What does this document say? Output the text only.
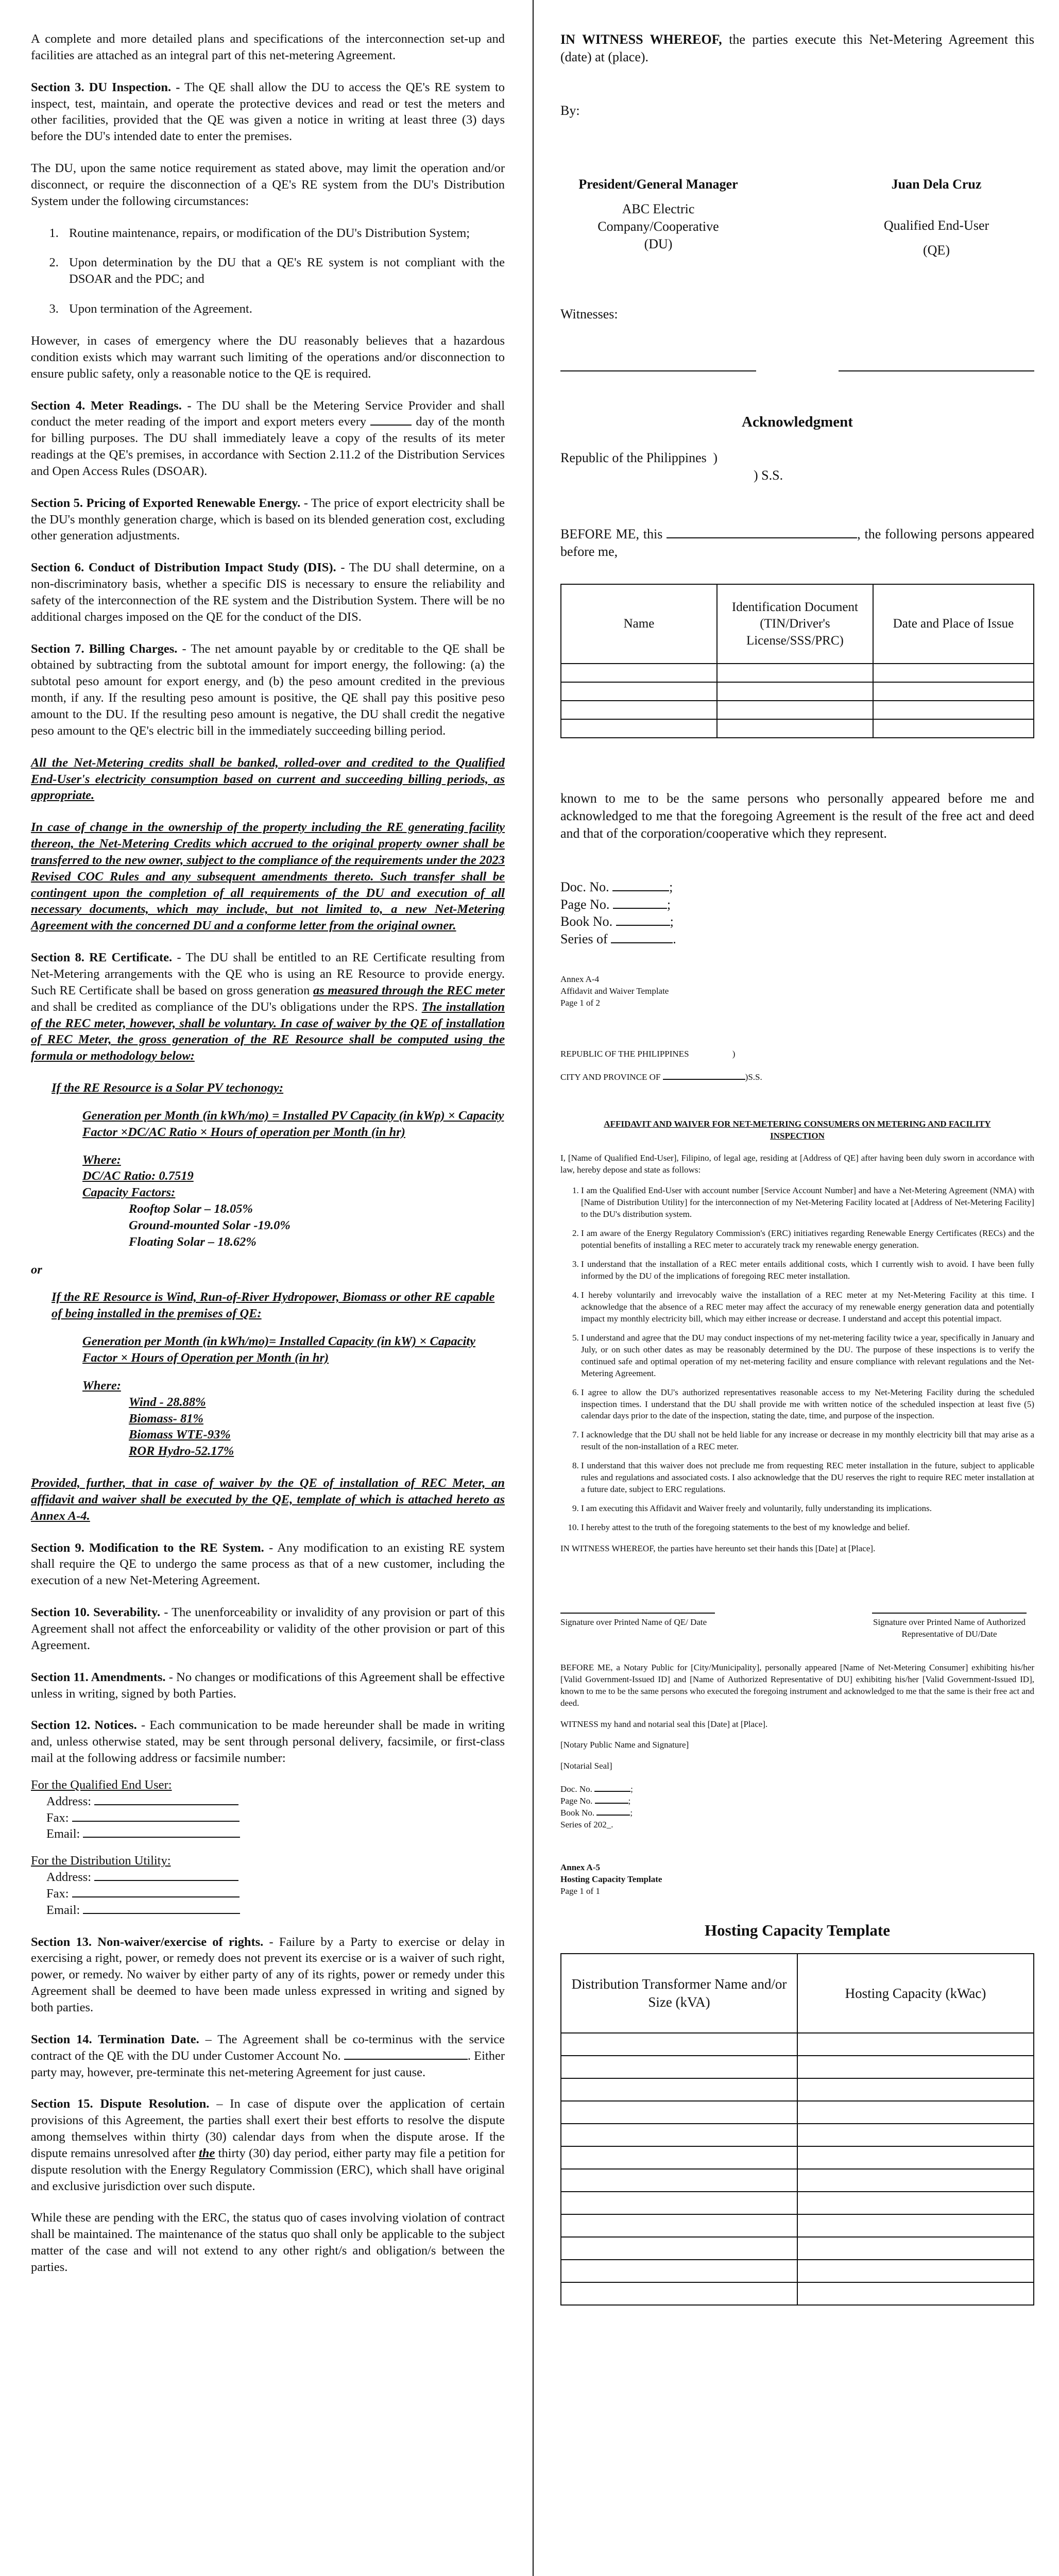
A complete and more detailed plans and specifications of the interconnection set-up and facilities are attached as an integral part of this net-metering Agreement.

Section 3. DU Inspection. - The QE shall allow the DU to access the QE's RE system to inspect, test, maintain, and operate the protective devices and read or test the meters and other facilities, provided that the QE was given a notice in writing at least three (3) days before the DU's intended date to enter the premises.

The DU, upon the same notice requirement as stated above, may limit the operation and/or disconnect, or require the disconnection of a QE's RE system from the DU's Distribution System under the following circumstances:

1. Routine maintenance, repairs, or modification of the DU's Distribution System;
2. Upon determination by the DU that a QE's RE system is not compliant with the DSOAR and the PDC; and
3. Upon termination of the Agreement.

However, in cases of emergency where the DU reasonably believes that a hazardous condition exists which may warrant such limiting of the operations and/or disconnection to ensure public safety, only a reasonable notice to the QE is required.

Section 4. Meter Readings. - The DU shall be the Metering Service Provider and shall conduct the meter reading of the import and export meters every	day of the month for billing purposes. The DU shall immediately leave a copy of the results of its meter readings at the QE's premises, in accordance with Section 2.11.2 of the Distribution Services and Open Access Rules (DSOAR).

Section 5. Pricing of Exported Renewable Energy. - The price of export electricity shall be the DU's monthly generation charge, which is based on its blended generation cost, excluding other generation adjustments.

Section 6. Conduct of Distribution Impact Study (DIS). - The DU shall determine, on a non-discriminatory basis, whether a specific DIS is necessary to ensure the reliability and safety of the interconnection of the RE system and the Distribution System. There will be no additional charges imposed on the QE for the conduct of the DIS.

Section 7. Billing Charges. - The net amount payable by or creditable to the QE shall be obtained by subtracting from the subtotal amount for import energy, the following: (a) the subtotal peso amount for export energy, and (b) the peso amount credited in the previous month, if any. If the resulting peso amount is positive, the QE shall pay this positive peso amount to the DU. If the resulting peso amount is negative, the DU shall credit the negative peso amount to the QE's electric bill in the immediately succeeding billing period.

All the Net-Metering credits shall be banked, rolled-over and credited to the Qualified End-User's electricity consumption based on current and succeeding billing periods, as appropriate.

In case of change in the ownership of the property including the RE generating facility thereon, the Net-Metering Credits which accrued to the original property owner shall be transferred to the new owner, subject to the compliance of the requirements under the 2023 Revised COC Rules and any subsequent amendments thereto. Such transfer shall be contingent upon the completion of all requirements of the DU and execution of all necessary documents, which may include, but not limited to, a new Net-Metering Agreement with the concerned DU and a conforme letter from the original owner.

Section 8. RE Certificate. - The DU shall be entitled to an RE Certificate resulting from Net-Metering arrangements with the QE who is using an RE Resource to provide energy. Such RE Certificate shall be based on gross generation as measured through the REC meter and shall be credited as compliance of the DU's obligations under the RPS. The installation of the REC meter, however, shall be voluntary. In case of waiver by the QE of installation of REC Meter, the gross generation of the RE Resource shall be computed using the formula or methodology below:

If the RE Resource is a Solar PV techonogy:
Generation per Month (in kWh/mo) = Installed PV Capacity (in kWp) × Capacity Factor ×DC/AC Ratio × Hours of operation per Month (in hr)
Where:
DC/AC Ratio: 0.7519
Capacity Factors:
Rooftop Solar – 18.05%
Ground-mounted Solar -19.0%
Floating Solar – 18.62%
or
If the RE Resource is Wind, Run-of-River Hydropower, Biomass or other RE capable of being installed in the premises of QE:
Generation per Month (in kWh/mo)= Installed Capacity (in kW) × Capacity Factor × Hours of Operation per Month (in hr)
Where:
Wind - 28.88%
Biomass- 81%
Biomass WTE-93%
ROR Hydro-52.17%

Provided, further, that in case of waiver by the QE of installation of REC Meter, an affidavit and waiver shall be executed by the QE, template of which is attached hereto as Annex A-4.

Section 9. Modification to the RE System. - Any modification to an existing RE system shall require the QE to undergo the same process as that of a new customer, including the execution of a new Net-Metering Agreement.

Section 10. Severability. - The unenforceability or invalidity of any provision or part of this Agreement shall not affect the enforceability or validity of the other provision or part of this Agreement.

Section 11. Amendments. - No changes or modifications of this Agreement shall be effective unless in writing, signed by both Parties.

Section 12. Notices. - Each communication to be made hereunder shall be made in writing and, unless otherwise stated, may be sent through personal delivery, facsimile, or first-class mail at the following address or facsimile number:

For the Qualified End User:
Address:
Fax:
Email:
For the Distribution Utility:
Address:
Fax:
Email:

Section 13. Non-waiver/exercise of rights. - Failure by a Party to exercise or delay in exercising a right, power, or remedy does not prevent its exercise or is a waiver of such right, power, or remedy. No waiver by either party of any of its rights, power or remedy under this Agreement shall be deemed to have been made unless expressed in writing and signed by both parties.

Section 14. Termination Date. – The Agreement shall be co-terminus with the service contract of the QE with the DU under Customer Account No.	. Either party may, however, pre-terminate this net-metering Agreement for just cause.

Section 15. Dispute Resolution. – In case of dispute over the application of certain provisions of this Agreement, the parties shall exert their best efforts to resolve the dispute among themselves within thirty (30) calendar days from when the dispute arose. If the dispute remains unresolved after the thirty (30) day period, either party may file a petition for dispute resolution with the Energy Regulatory Commission (ERC), which shall have original and exclusive jurisdiction over such dispute.

While these are pending with the ERC, the status quo of cases involving violation of contract shall be maintained. The maintenance of the status quo shall only be applicable to the subject matter of the case and will not extend to any other right/s and obligation/s between the parties.

IN WITNESS WHEREOF, the parties execute this Net-Metering Agreement this (date) at (place).

By:
President/General Manager
ABC Electric Company/Cooperative
(DU)
Juan Dela Cruz
Qualified End-User
(QE)
Witnesses:
Acknowledgment
Republic of the Philippines )
) S.S.

BEFORE ME, this	, the following persons appeared before me,

Name	Identification Document (TIN/Driver's License/SSS/PRC)	Date and Place of Issue

known to me to be the same persons who personally appeared before me and acknowledged to me that the foregoing Agreement is the result of the free act and deed and that of the corporation/cooperative which they represent.

Doc. No.	;
Page No.	;
Book No.	;
Series of	.
Annex A-4
Affidavit and Waiver Template
Page 1 of 2
REPUBLIC OF THE PHILIPPINES	)
CITY AND PROVINCE OF	)S.S.
AFFIDAVIT AND WAIVER FOR NET-METERING CONSUMERS ON METERING AND FACILITY INSPECTION

I, [Name of Qualified End-User], Filipino, of legal age, residing at [Address of QE] after having been duly sworn in accordance with law, hereby depose and state as follows:

1. I am the Qualified End-User with account number [Service Account Number] and have a Net-Metering Agreement (NMA) with [Name of Distribution Utility] for the interconnection of my Net-Metering Facility located at [Address of Net-Metering Facility] to the DU's distribution system.
2. I am aware of the Energy Regulatory Commission's (ERC) initiatives regarding Renewable Energy Certificates (RECs) and the potential benefits of installing a REC meter to accurately track my renewable energy generation.
3. I understand that the installation of a REC meter entails additional costs, which I currently wish to avoid. I have been fully informed by the DU of the implications of foregoing REC meter installation.
4. I hereby voluntarily and irrevocably waive the installation of a REC meter at my Net-Metering Facility at this time. I acknowledge that the absence of a REC meter may affect the accuracy of my renewable energy generation data and potentially impact my monthly electricity bill, which may either increase or decrease. I understand and accept this potential impact.
5. I understand and agree that the DU may conduct inspections of my net-metering facility twice a year, specifically in January and July, or on such other dates as may be reasonably determined by the DU. The purpose of these inspections is to verify the continued safe and optimal operation of my net-metering facility and ensure compliance with relevant regulations and the Net-Metering Agreement.
6. I agree to allow the DU's authorized representatives reasonable access to my Net-Metering Facility during the scheduled inspection times. I understand that the DU shall provide me with written notice of the scheduled inspection at least five (5) calendar days prior to the date of the inspection, stating the date, time, and purpose of the inspection.
7. I acknowledge that the DU shall not be held liable for any increase or decrease in my monthly electricity bill that may arise as a result of the non-installation of a REC meter.
8. I understand that this waiver does not preclude me from requesting REC meter installation in the future, subject to applicable rules and regulations and associated costs. I also acknowledge that the DU reserves the right to require REC meter installation at a future date, subject to ERC regulations.
9. I am executing this Affidavit and Waiver freely and voluntarily, fully understanding its implications.
10. I hereby attest to the truth of the foregoing statements to the best of my knowledge and belief.

IN WITNESS WHEREOF, the parties have hereunto set their hands this [Date] at [Place].

Signature over Printed Name of QE/ Date	Signature over Printed Name of Authorized Representative of DU/Date

BEFORE ME, a Notary Public for [City/Municipality], personally appeared [Name of Net-Metering Consumer] exhibiting his/her [Valid Government-Issued ID] and [Name of Authorized Representative of DU] exhibiting his/her [Valid Government-Issued ID], known to me to be the same persons who executed the foregoing instrument and acknowledged to me that the same is their free act and deed.

WITNESS my hand and notarial seal this [Date] at [Place].

[Notary Public Name and Signature]

[Notarial Seal]

Doc. No.	;
Page No.	;
Book No.	;
Series of 202_.
Annex A-5
Hosting Capacity Template
Page 1 of 1
Hosting Capacity Template
Distribution Transformer Name and/or Size (kVA)	Hosting Capacity (kWac)
